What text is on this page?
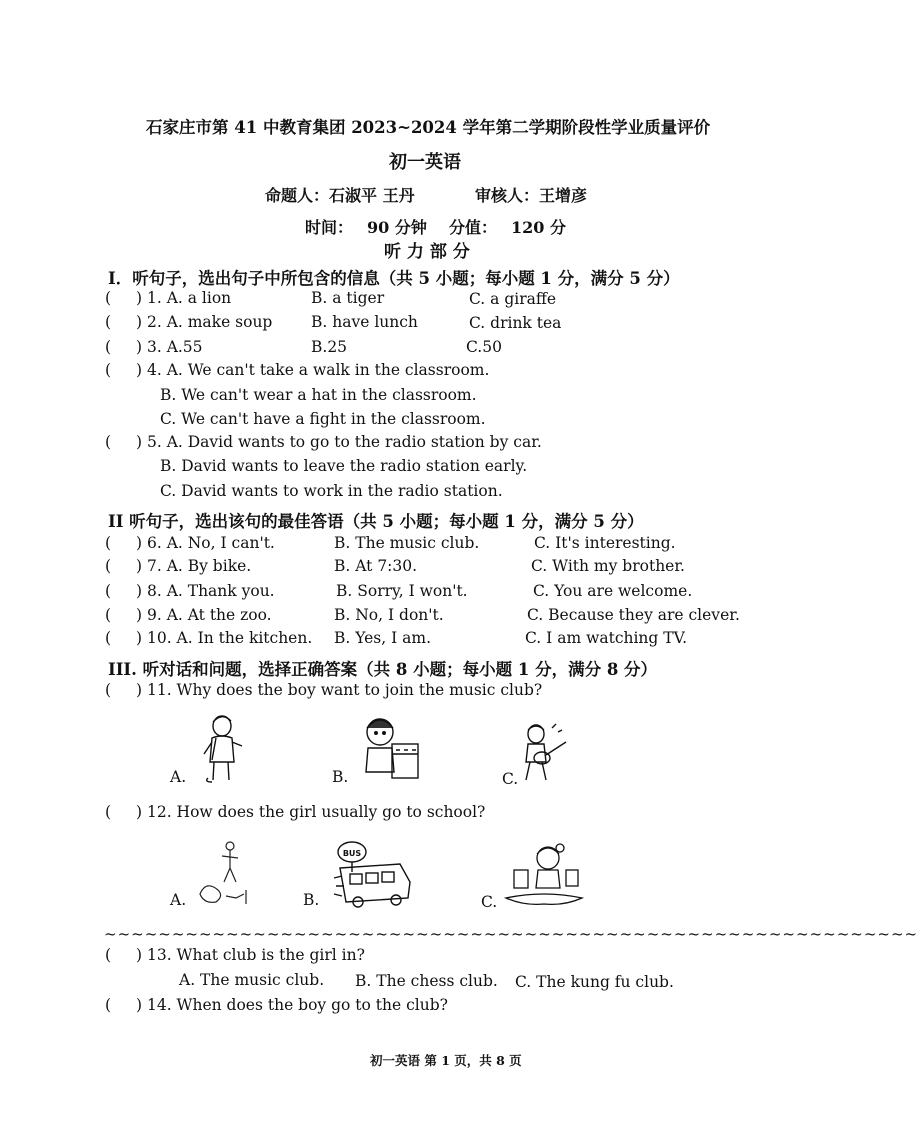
石家庄市第 41 中教育集团 2023~2024 学年第二学期阶段性学业质量评价
初一英语
命题人：石淑平 王丹	审核人：王增彦
时间： 90 分钟 分值： 120 分
听 力 部 分
I．听句子，选出句子中所包含的信息（共 5 小题；每小题 1 分，满分 5 分）
( ) 1. A. a lion	B. a tiger	C. a giraffe
( ) 2. A. make soup B. have lunch	C. drink tea
( ) 3. A.55	B.25	C.50
( ) 4. A. We can't take a walk in the classroom.
B. We can't wear a hat in the classroom.
C. We can't have a fight in the classroom.
( ) 5. A. David wants to go to the radio station by car.
B. David wants to leave the radio station early.
C. David wants to work in the radio station.
II 听句子，选出该句的最佳答语（共 5 小题；每小题 1 分，满分 5 分）
( ) 6. A. No, I can't.	B. The music club.	C. It's interesting.
( ) 7. A. By bike.	B. At 7:30.	C. With my brother.
( ) 8. A. Thank you.	B. Sorry, I won't.	C. You are welcome.
( ) 9. A. At the zoo.	B. No, I don't.	C. Because they are clever.
( ) 10. A. In the kitchen. B. Yes, I am.	C. I am watching TV.
III. 听对话和问题，选择正确答案（共 8 小题；每小题 1 分，满分 8 分）
( ) 11. Why does the boy want to join the music club?
A.	B.	C.
( ) 12. How does the girl usually go to school?
A.	B.
BUS
C.
~~~~~~~~~~~~~~~~~~~~~~~~~~~~~~~~~~~~~~~~~~~~~~~~~~~~~~~~~~~~
( ) 13. What club is the girl in?
A. The music club. B. The chess club. C. The kung fu club.
( ) 14. When does the boy go to the club?
初一英语 第 1 页，共 8 页
